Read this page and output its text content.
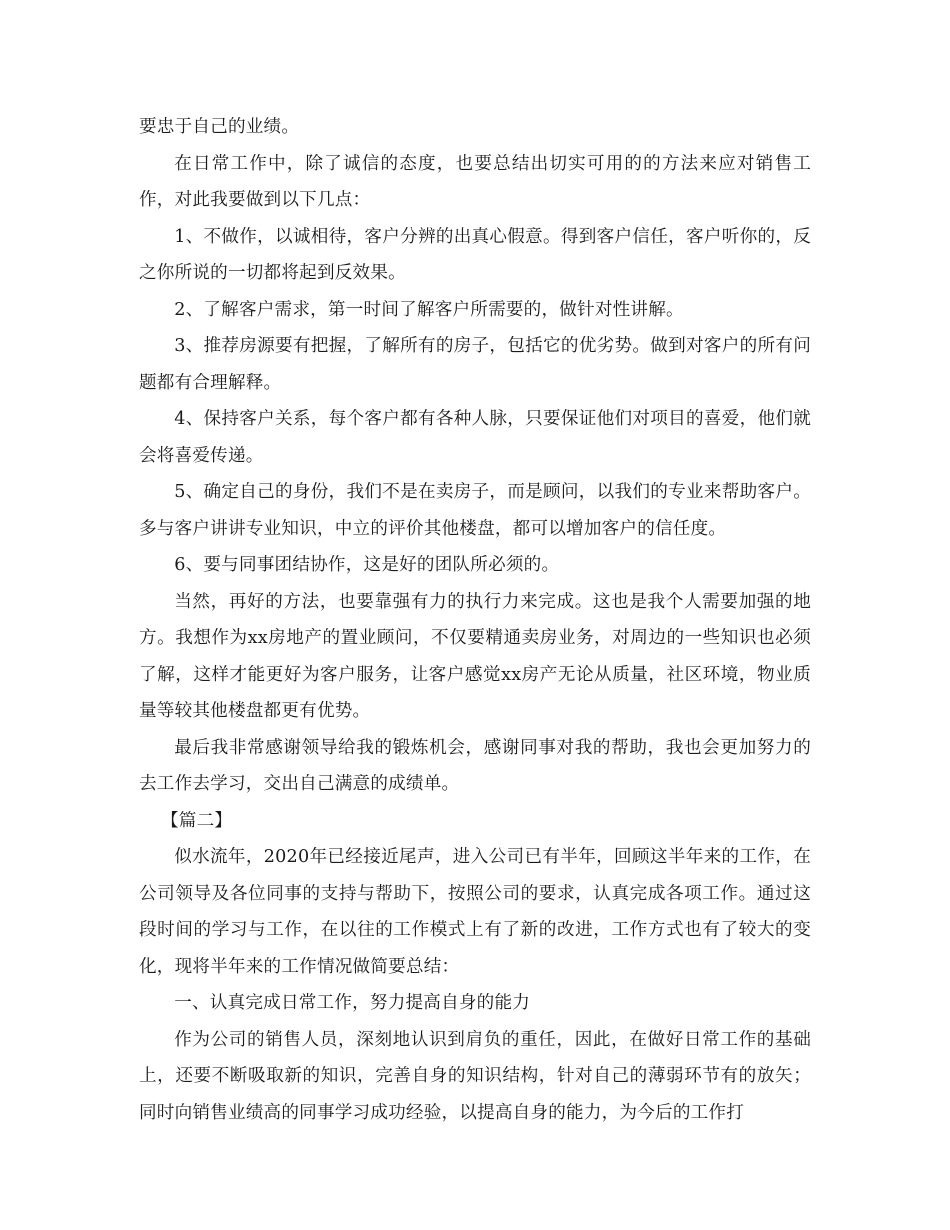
要忠于自己的业绩。

在日常工作中，除了诚信的态度，也要总结出切实可用的的方法来应对销售工作，对此我要做到以下几点：

1、不做作，以诚相待，客户分辨的出真心假意。得到客户信任，客户听你的，反之你所说的一切都将起到反效果。

2、了解客户需求，第一时间了解客户所需要的，做针对性讲解。

3、推荐房源要有把握，了解所有的房子，包括它的优劣势。做到对客户的所有问题都有合理解释。

4、保持客户关系，每个客户都有各种人脉，只要保证他们对项目的喜爱，他们就会将喜爱传递。

5、确定自己的身份，我们不是在卖房子，而是顾问，以我们的专业来帮助客户。多与客户讲讲专业知识，中立的评价其他楼盘，都可以增加客户的信任度。

6、要与同事团结协作，这是好的团队所必须的。

当然，再好的方法，也要靠强有力的执行力来完成。这也是我个人需要加强的地方。我想作为xx房地产的置业顾问，不仅要精通卖房业务，对周边的一些知识也必须了解，这样才能更好为客户服务，让客户感觉xx房产无论从质量，社区环境，物业质量等较其他楼盘都更有优势。

最后我非常感谢领导给我的锻炼机会，感谢同事对我的帮助，我也会更加努力的去工作去学习，交出自己满意的成绩单。

【篇二】

似水流年，2020年已经接近尾声，进入公司已有半年，回顾这半年来的工作，在公司领导及各位同事的支持与帮助下，按照公司的要求，认真完成各项工作。通过这段时间的学习与工作，在以往的工作模式上有了新的改进，工作方式也有了较大的变化，现将半年来的工作情况做简要总结：

一、认真完成日常工作，努力提高自身的能力

作为公司的销售人员，深刻地认识到肩负的重任，因此，在做好日常工作的基础上，还要不断吸取新的知识，完善自身的知识结构，针对自己的薄弱环节有的放矢；同时向销售业绩高的同事学习成功经验，以提高自身的能力，为今后的工作打
